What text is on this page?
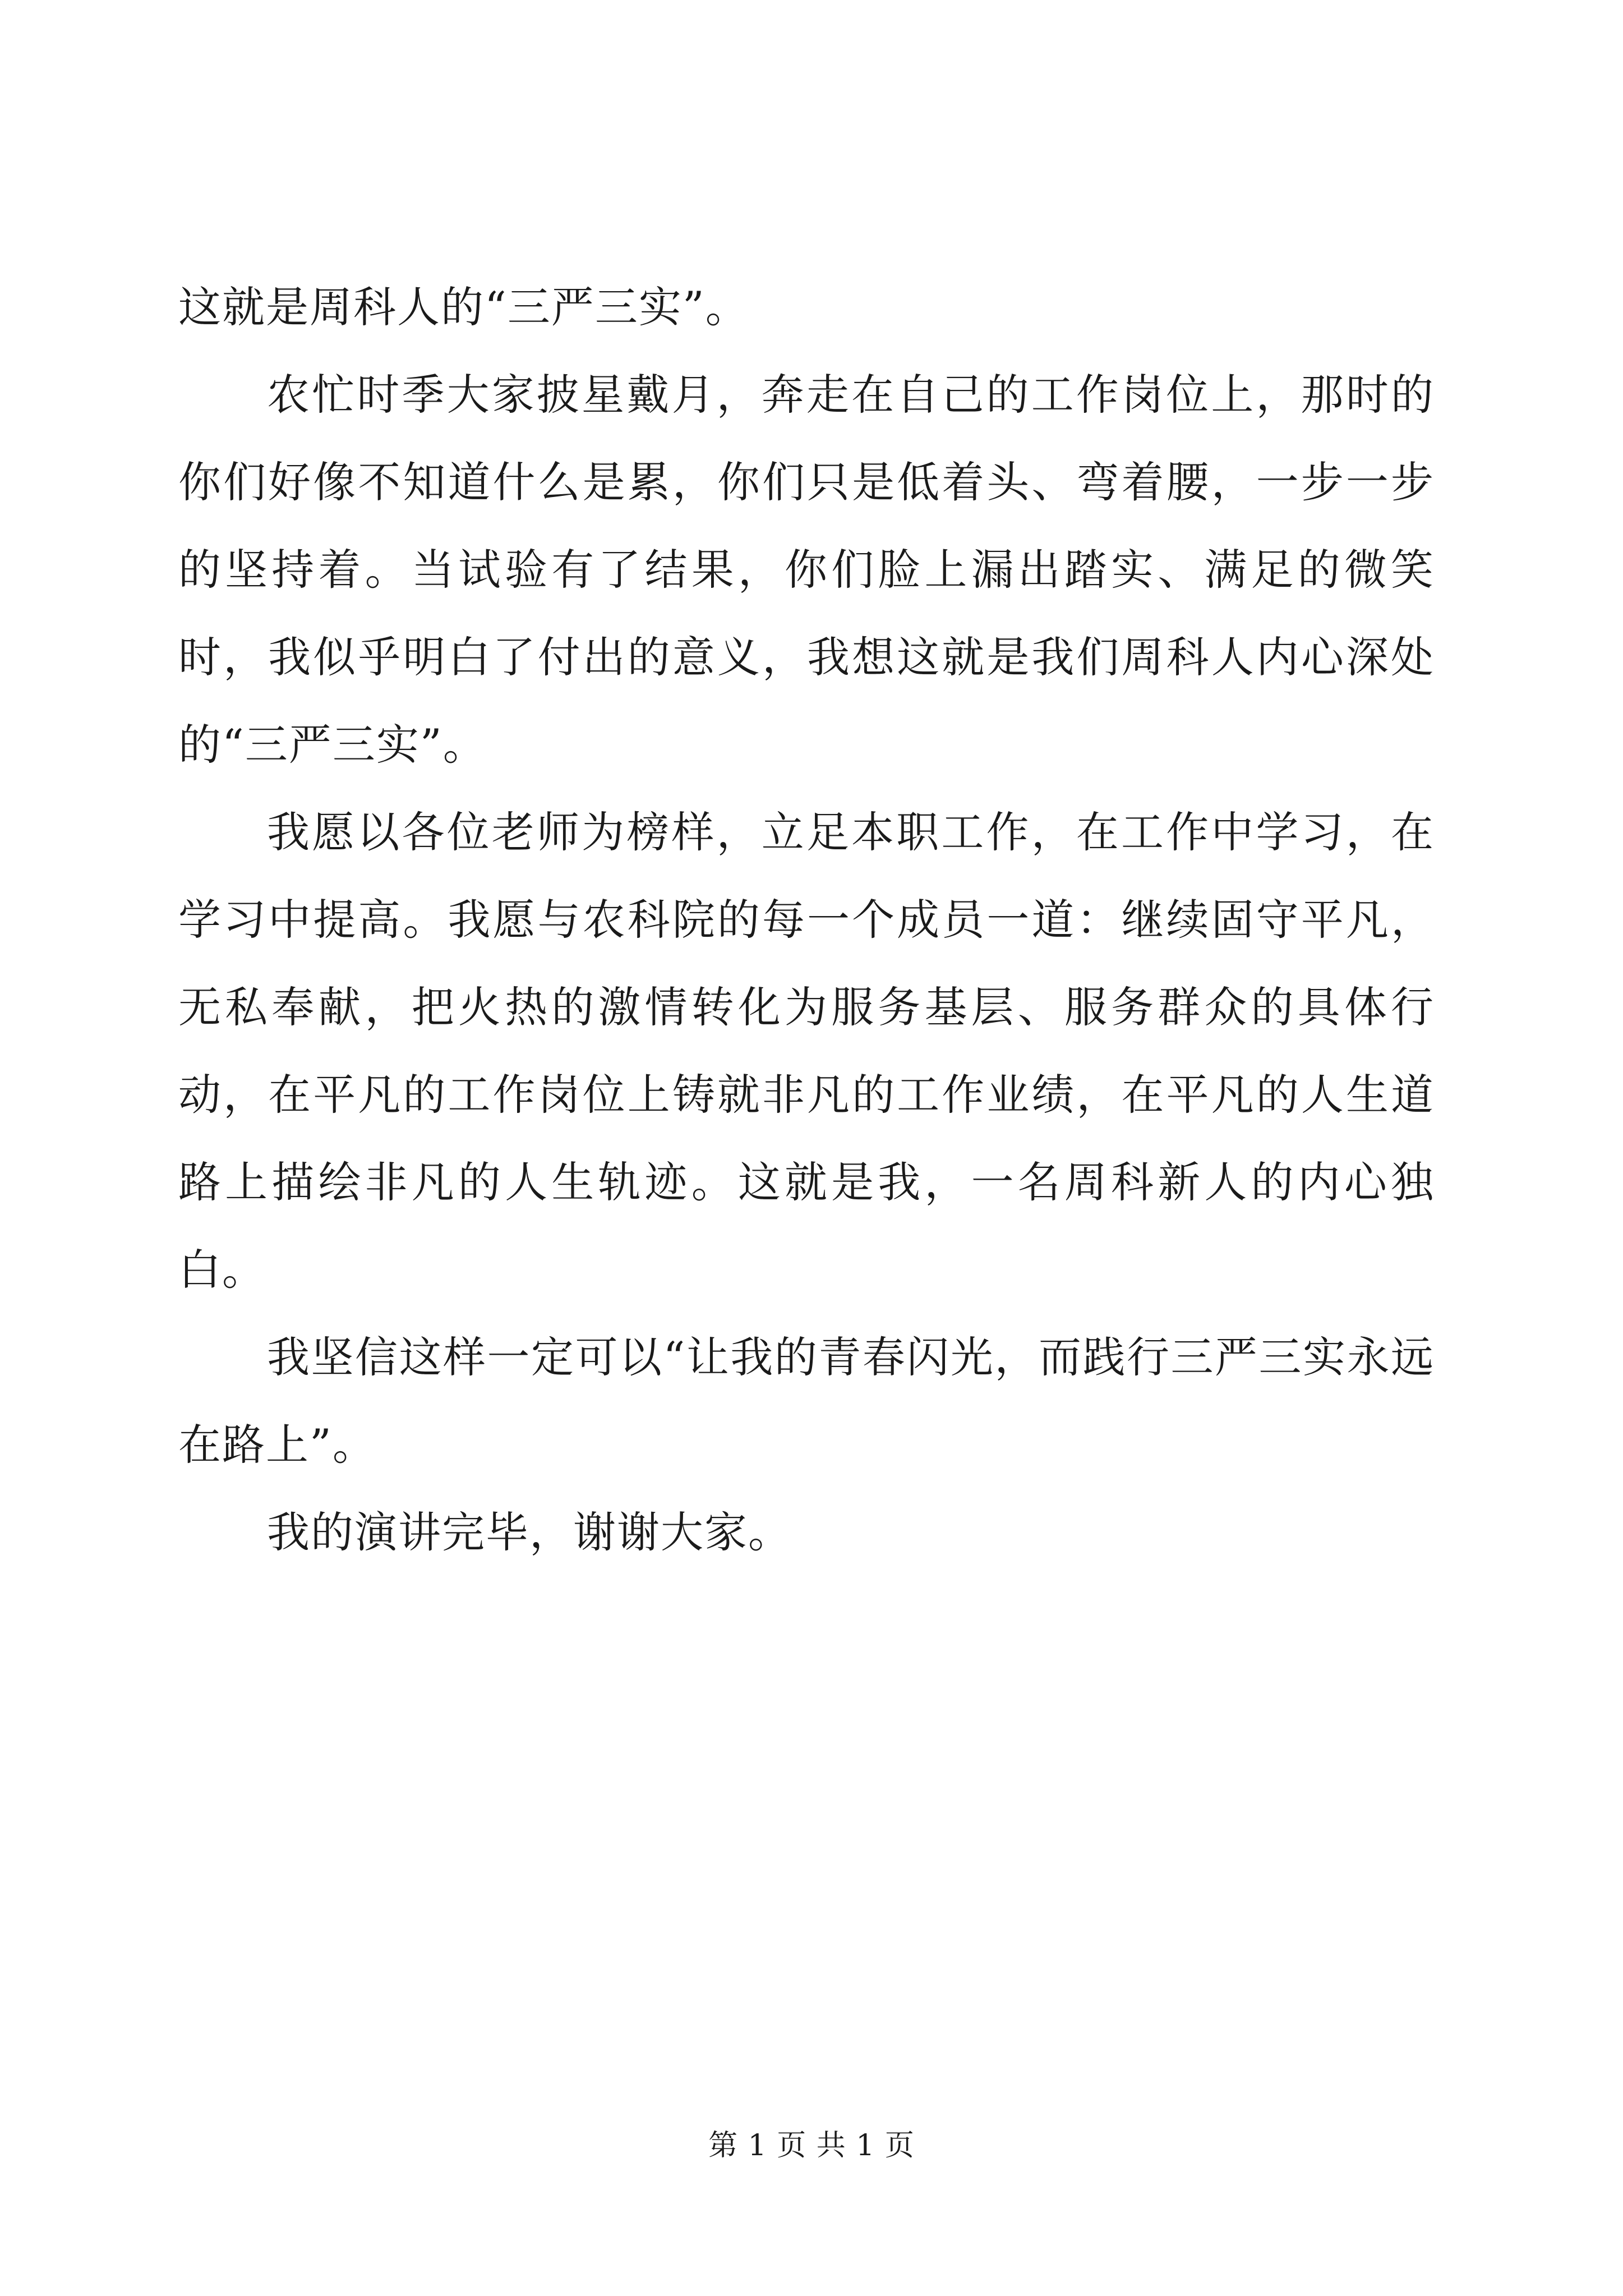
这就是周科人的“三严三实”。

农忙时季大家披星戴月，奔走在自己的工作岗位上，那时的你们好像不知道什么是累，你们只是低着头、弯着腰，一步一步的坚持着。当试验有了结果，你们脸上漏出踏实、满足的微笑时，我似乎明白了付出的意义，我想这就是我们周科人内心深处的“三严三实”。

我愿以各位老师为榜样，立足本职工作，在工作中学习，在学习中提高。我愿与农科院的每一个成员一道：继续固守平凡，无私奉献，把火热的激情转化为服务基层、服务群众的具体行动，在平凡的工作岗位上铸就非凡的工作业绩，在平凡的人生道路上描绘非凡的人生轨迹。这就是我，一名周科新人的内心独白。

我坚信这样一定可以“让我的青春闪光，而践行三严三实永远在路上”。

我的演讲完毕，谢谢大家。

第 1 页 共 1 页
